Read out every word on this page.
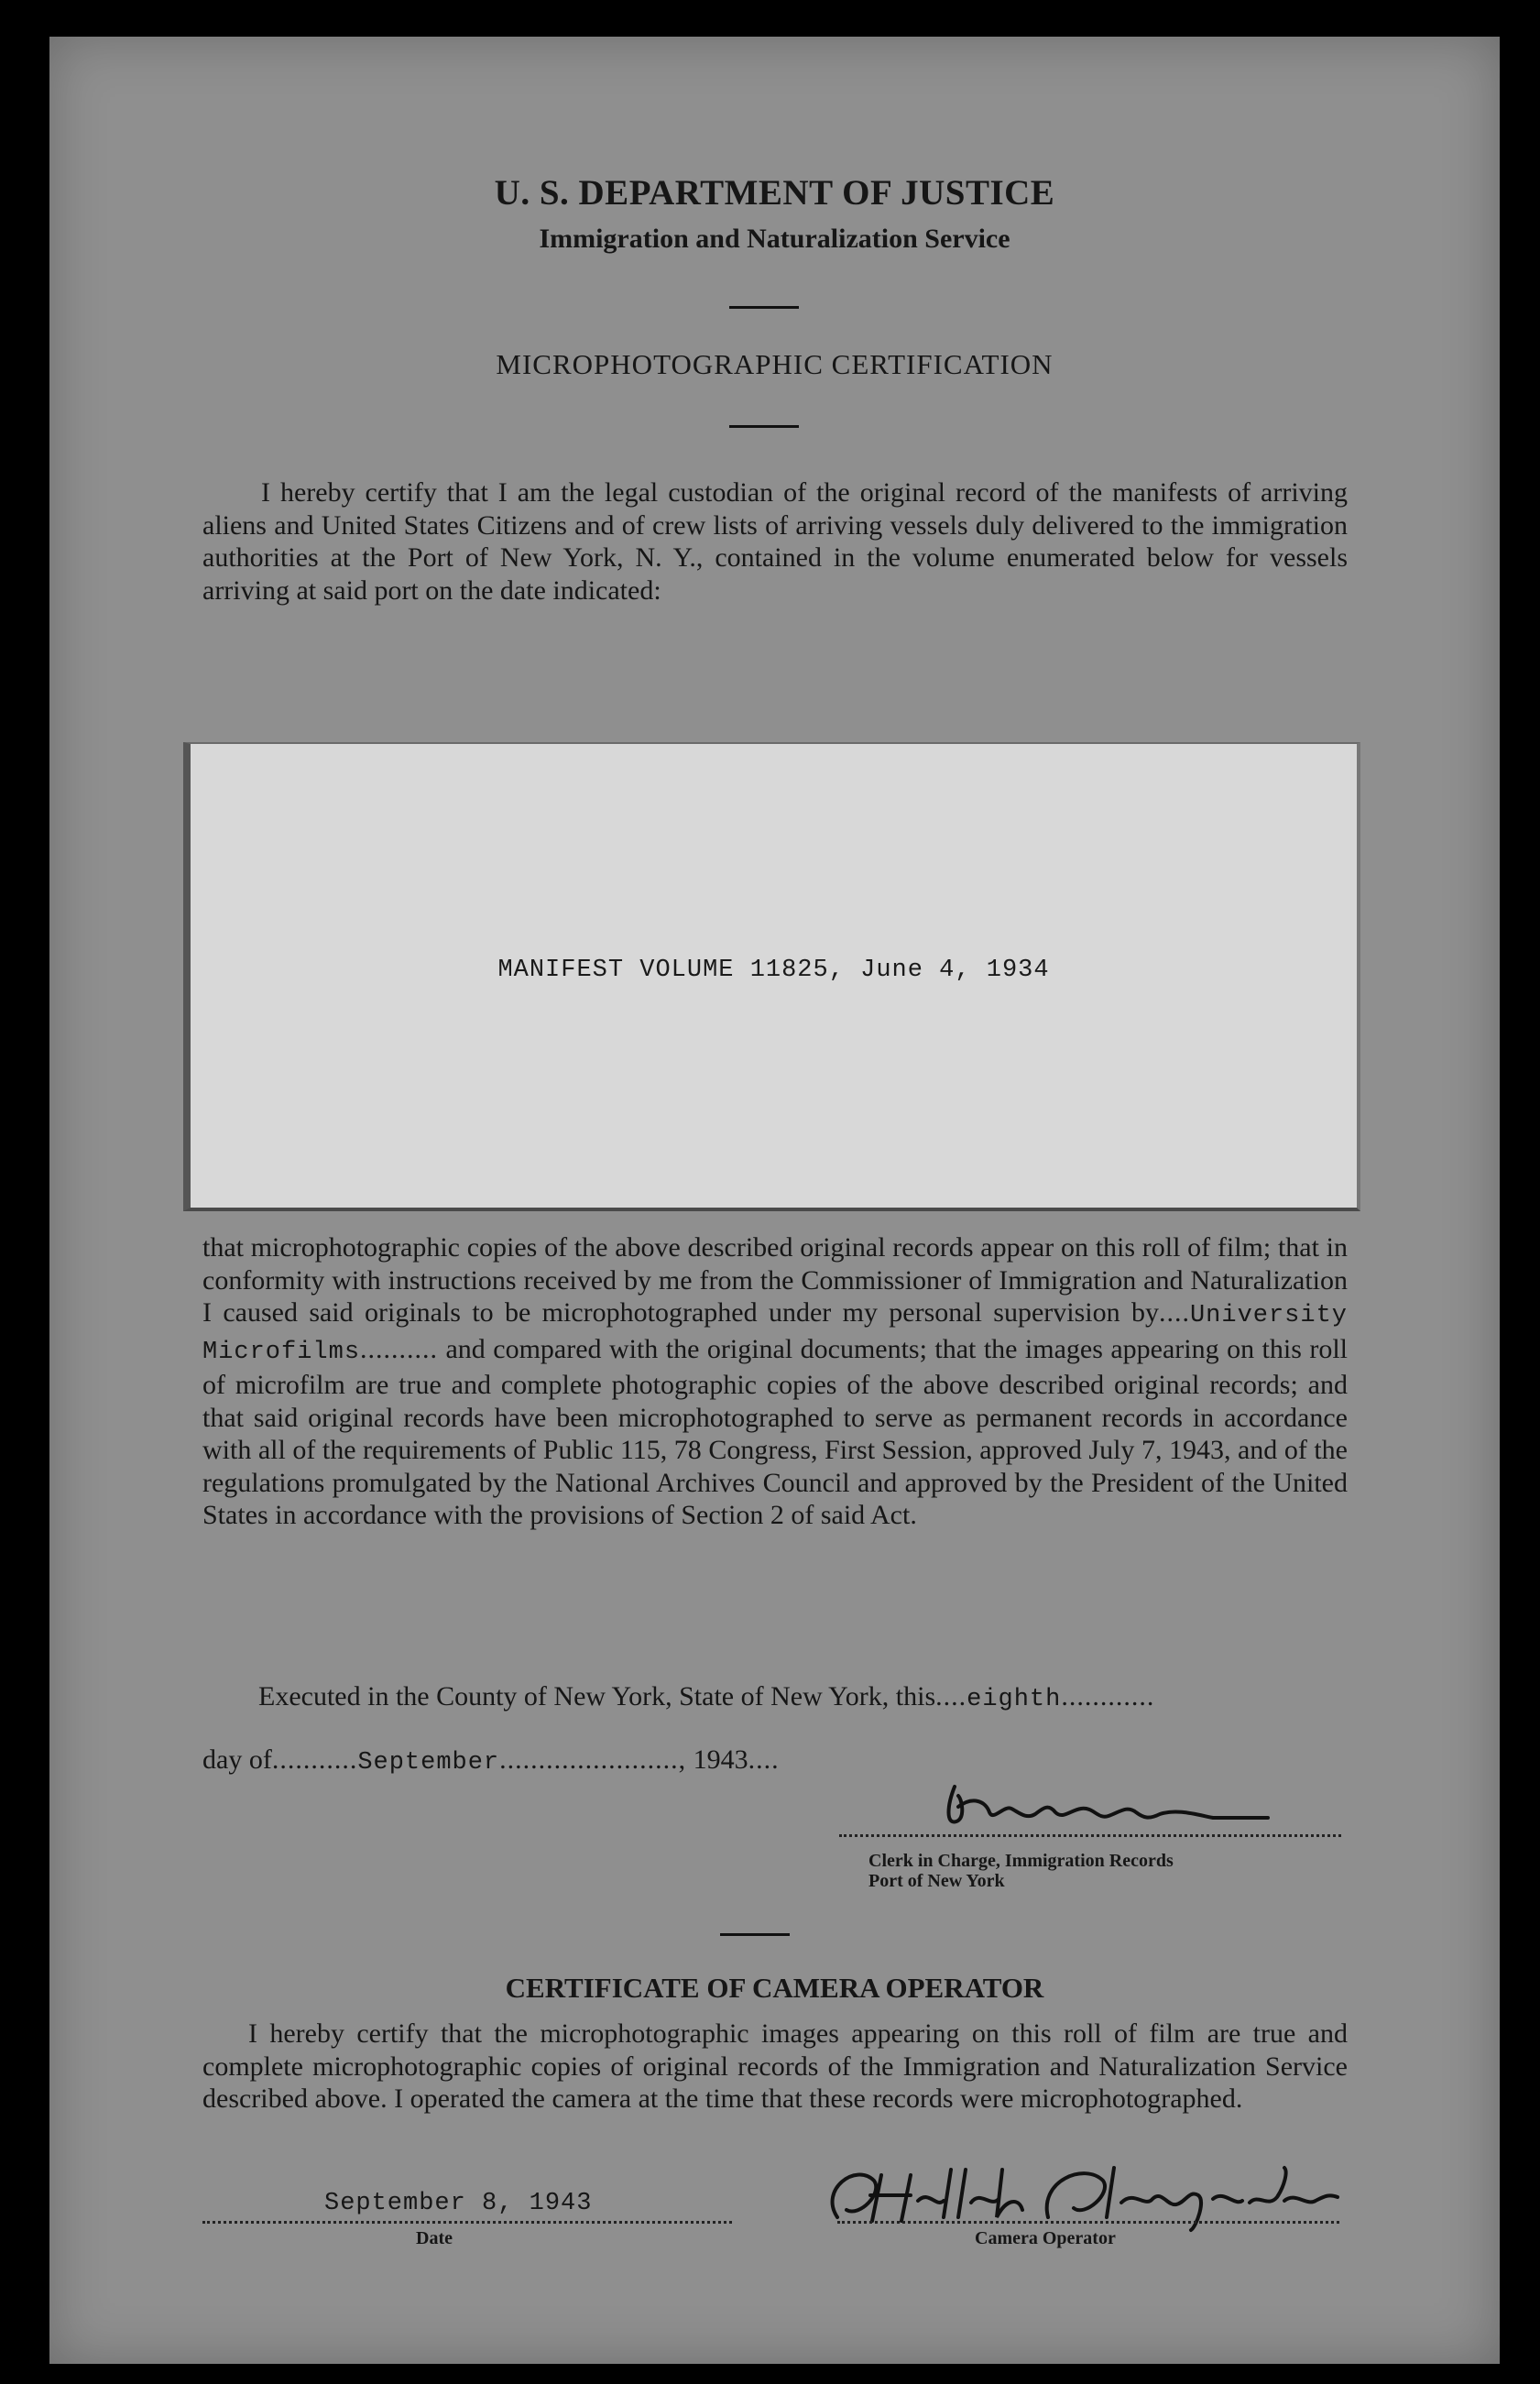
U. S. DEPARTMENT OF JUSTICE
Immigration and Naturalization Service
MICROPHOTOGRAPHIC CERTIFICATION
I hereby certify that I am the legal custodian of the original record of the manifests of arriving aliens and United States Citizens and of crew lists of arriving vessels duly delivered to the immigration authorities at the Port of New York, N. Y., contained in the volume enumerated below for vessels arriving at said port on the date indicated:
MANIFEST VOLUME 11825, June 4, 1934
that microphotographic copies of the above described original records appear on this roll of film; that in conformity with instructions received by me from the Commissioner of Immigration and Naturalization I caused said originals to be microphotographed under my personal supervision by....University Microfilms.......... and compared with the original documents; that the images appearing on this roll of microfilm are true and complete photographic copies of the above described original records; and that said original records have been microphotographed to serve as permanent records in accordance with all of the requirements of Public 115, 78 Congress, First Session, approved July 7, 1943, and of the regulations promulgated by the National Archives Council and approved by the President of the United States in accordance with the provisions of Section 2 of said Act.
Executed in the County of New York, State of New York, this....eighth............
day of...........September......................., 1943....
Clerk in Charge, Immigration Records
Port of New York
CERTIFICATE OF CAMERA OPERATOR
I hereby certify that the microphotographic images appearing on this roll of film are true and complete microphotographic copies of original records of the Immigration and Naturalization Service described above. I operated the camera at the time that these records were microphotographed.
September 8, 1943
Date	Camera Operator
